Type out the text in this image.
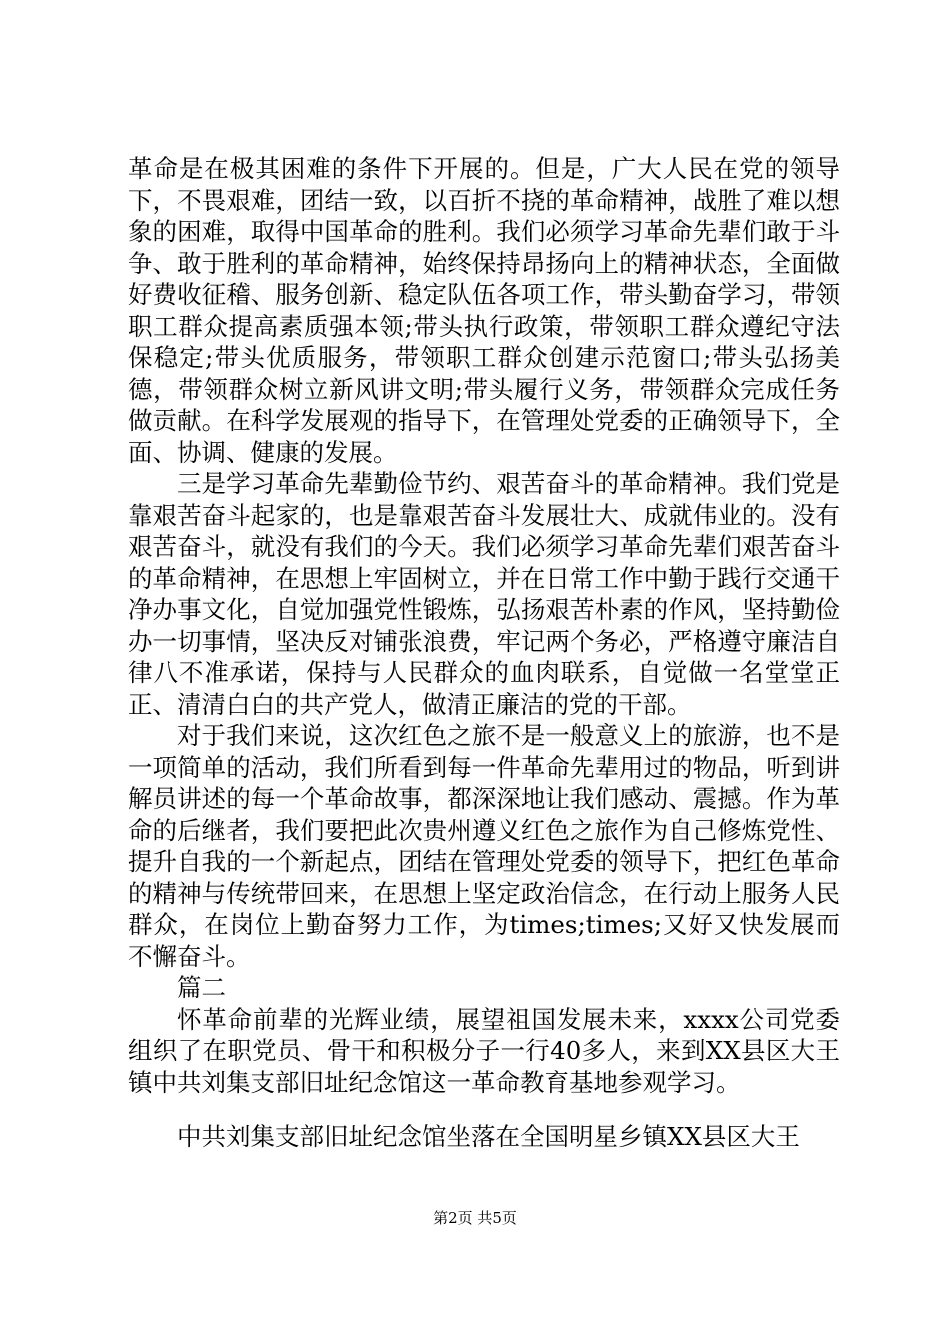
革命是在极其困难的条件下开展的。但是，广大人民在党的领导下，不畏艰难，团结一致，以百折不挠的革命精神，战胜了难以想象的困难，取得中国革命的胜利。我们必须学习革命先辈们敢于斗争、敢于胜利的革命精神，始终保持昂扬向上的精神状态，全面做好费收征稽、服务创新、稳定队伍各项工作，带头勤奋学习，带领职工群众提高素质强本领;带头执行政策，带领职工群众遵纪守法保稳定;带头优质服务，带领职工群众创建示范窗口;带头弘扬美德，带领群众树立新风讲文明;带头履行义务，带领群众完成任务做贡献。在科学发展观的指导下，在管理处党委的正确领导下，全面、协调、健康的发展。

三是学习革命先辈勤俭节约、艰苦奋斗的革命精神。我们党是靠艰苦奋斗起家的，也是靠艰苦奋斗发展壮大、成就伟业的。没有艰苦奋斗，就没有我们的今天。我们必须学习革命先辈们艰苦奋斗的革命精神，在思想上牢固树立，并在日常工作中勤于践行交通干净办事文化，自觉加强党性锻炼，弘扬艰苦朴素的作风，坚持勤俭办一切事情，坚决反对铺张浪费，牢记两个务必，严格遵守廉洁自律八不准承诺，保持与人民群众的血肉联系，自觉做一名堂堂正正、清清白白的共产党人，做清正廉洁的党的干部。

对于我们来说，这次红色之旅不是一般意义上的旅游，也不是一项简单的活动，我们所看到每一件革命先辈用过的物品，听到讲解员讲述的每一个革命故事，都深深地让我们感动、震撼。作为革命的后继者，我们要把此次贵州遵义红色之旅作为自己修炼党性、提升自我的一个新起点，团结在管理处党委的领导下，把红色革命的精神与传统带回来，在思想上坚定政治信念，在行动上服务人民群众，在岗位上勤奋努力工作，为times;times;又好又快发展而不懈奋斗。

篇二

怀革命前辈的光辉业绩，展望祖国发展未来，xxxx公司党委组织了在职党员、骨干和积极分子一行40多人，来到XX县区大王镇中共刘集支部旧址纪念馆这一革命教育基地参观学习。

中共刘集支部旧址纪念馆坐落在全国明星乡镇XX县区大王

第2页 共5页
